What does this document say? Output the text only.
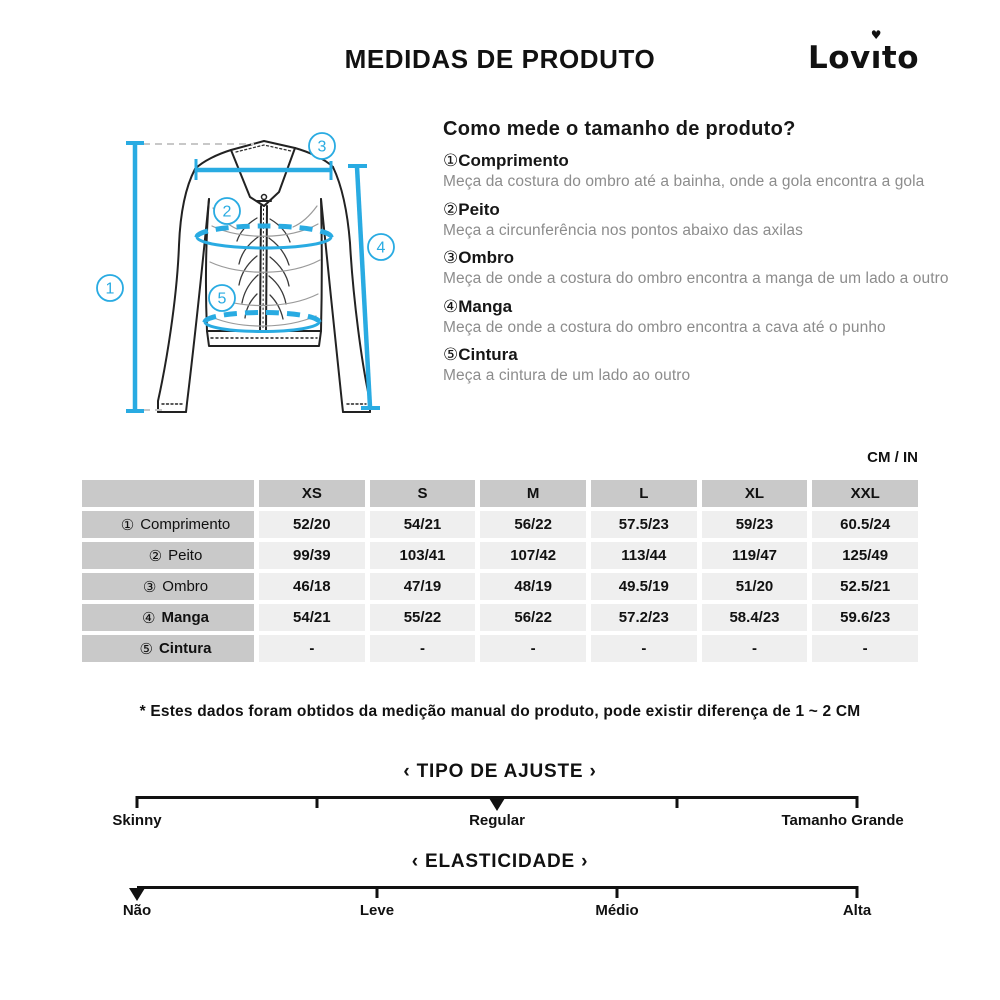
MEDIDAS DE PRODUTO	Lovı
♥
to
1
2
3
4
5
Como mede o tamanho de produto?
①Comprimento
Meça da costura do ombro até a bainha, onde a gola encontra a gola
②Peito
Meça a circunferência nos pontos abaixo das axilas
③Ombro
Meça de onde a costura do ombro encontra a manga de um lado a outro
④Manga
Meça de onde a costura do ombro encontra a cava até o punho
⑤Cintura
Meça a cintura de um lado ao outro
CM / IN
XS	S	M	L	XL	XXL
① Comprimento	52/20	54/21	56/22	57.5/23	59/23	60.5/24
② Peito	99/39	103/41	107/42	113/44	119/47	125/49
③ Ombro	46/18	47/19	48/19	49.5/19	51/20	52.5/21
④ Manga	54/21	55/22	56/22	57.2/23	58.4/23	59.6/23
⑤ Cintura	-	-	-	-	-	-
* Estes dados foram obtidos da medição manual do produto, pode existir diferença de 1 ~ 2 CM
‹ TIPO DE AJUSTE ›
Skinny	Regular	Tamanho Grande
‹ ELASTICIDADE ›
Não	Leve	Médio	Alta
